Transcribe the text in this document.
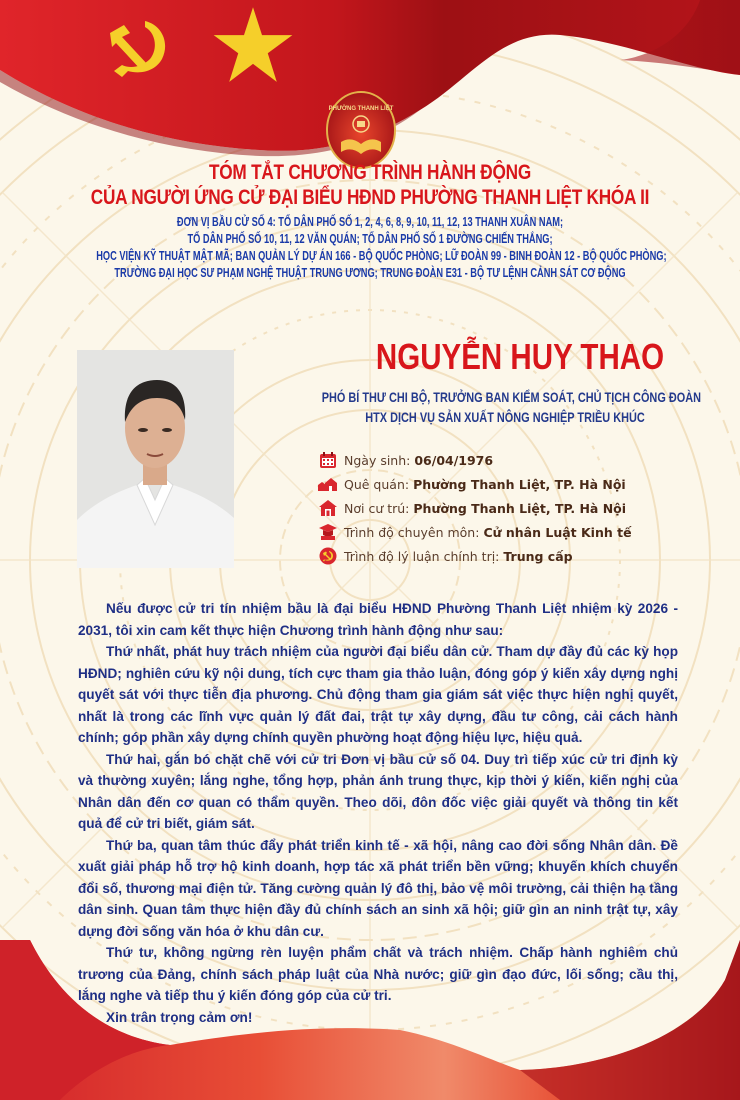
PHƯỜNG THANH LIỆT
TÓM TẮT CHƯƠNG TRÌNH HÀNH ĐỘNG
CỦA NGƯỜI ỨNG CỬ ĐẠI BIỂU HĐND PHƯỜNG THANH LIỆT KHÓA II
ĐƠN VỊ BẦU CỬ SỐ 4: TỔ DÂN PHỐ SỐ 1, 2, 4, 6, 8, 9, 10, 11, 12, 13 THANH XUÂN NAM;
TỔ DÂN PHỐ SỐ 10, 11, 12 VĂN QUÁN; TỔ DÂN PHỐ SỐ 1 ĐƯỜNG CHIẾN THẮNG;
HỌC VIỆN KỸ THUẬT MẬT MÃ; BAN QUẢN LÝ DỰ ÁN 166 - BỘ QUỐC PHÒNG; LỮ ĐOÀN 99 - BINH ĐOÀN 12 - BỘ QUỐC PHÒNG;
TRƯỜNG ĐẠI HỌC SƯ PHẠM NGHỆ THUẬT TRUNG ƯƠNG; TRUNG ĐOÀN E31 - BỘ TƯ LỆNH CẢNH SÁT CƠ ĐỘNG
NGUYỄN HUY THAO
PHÓ BÍ THƯ CHI BỘ, TRƯỞNG BAN KIỂM SOÁT, CHỦ TỊCH CÔNG ĐOÀN
HTX DỊCH VỤ SẢN XUẤT NÔNG NGHIỆP TRIỀU KHÚC
Ngày sinh: 06/04/1976
Quê quán: Phường Thanh Liệt, TP. Hà Nội
Nơi cư trú: Phường Thanh Liệt, TP. Hà Nội
Trình độ chuyên môn: Cử nhân Luật Kinh tế
Trình độ lý luận chính trị: Trung cấp

Nếu được cử tri tín nhiệm bầu là đại biểu HĐND Phường Thanh Liệt nhiệm kỳ 2026 - 2031, tôi xin cam kết thực hiện Chương trình hành động như sau:

Thứ nhất, phát huy trách nhiệm của người đại biểu dân cử. Tham dự đầy đủ các kỳ họp HĐND; nghiên cứu kỹ nội dung, tích cực tham gia thảo luận, đóng góp ý kiến xây dựng nghị quyết sát với thực tiễn địa phương. Chủ động tham gia giám sát việc thực hiện nghị quyết, nhất là trong các lĩnh vực quản lý đất đai, trật tự xây dựng, đầu tư công, cải cách hành chính; góp phần xây dựng chính quyền phường hoạt động hiệu lực, hiệu quả.

Thứ hai, gắn bó chặt chẽ với cử tri Đơn vị bầu cử số 04. Duy trì tiếp xúc cử tri định kỳ và thường xuyên; lắng nghe, tổng hợp, phản ánh trung thực, kịp thời ý kiến, kiến nghị của Nhân dân đến cơ quan có thẩm quyền. Theo dõi, đôn đốc việc giải quyết và thông tin kết quả để cử tri biết, giám sát.

Thứ ba, quan tâm thúc đẩy phát triển kinh tế - xã hội, nâng cao đời sống Nhân dân. Đề xuất giải pháp hỗ trợ hộ kinh doanh, hợp tác xã phát triển bền vững; khuyến khích chuyển đổi số, thương mại điện tử. Tăng cường quản lý đô thị, bảo vệ môi trường, cải thiện hạ tầng dân sinh. Quan tâm thực hiện đầy đủ chính sách an sinh xã hội; giữ gìn an ninh trật tự, xây dựng đời sống văn hóa ở khu dân cư.

Thứ tư, không ngừng rèn luyện phẩm chất và trách nhiệm. Chấp hành nghiêm chủ trương của Đảng, chính sách pháp luật của Nhà nước; giữ gìn đạo đức, lối sống; cầu thị, lắng nghe và tiếp thu ý kiến đóng góp của cử tri.

Xin trân trọng cảm ơn!
